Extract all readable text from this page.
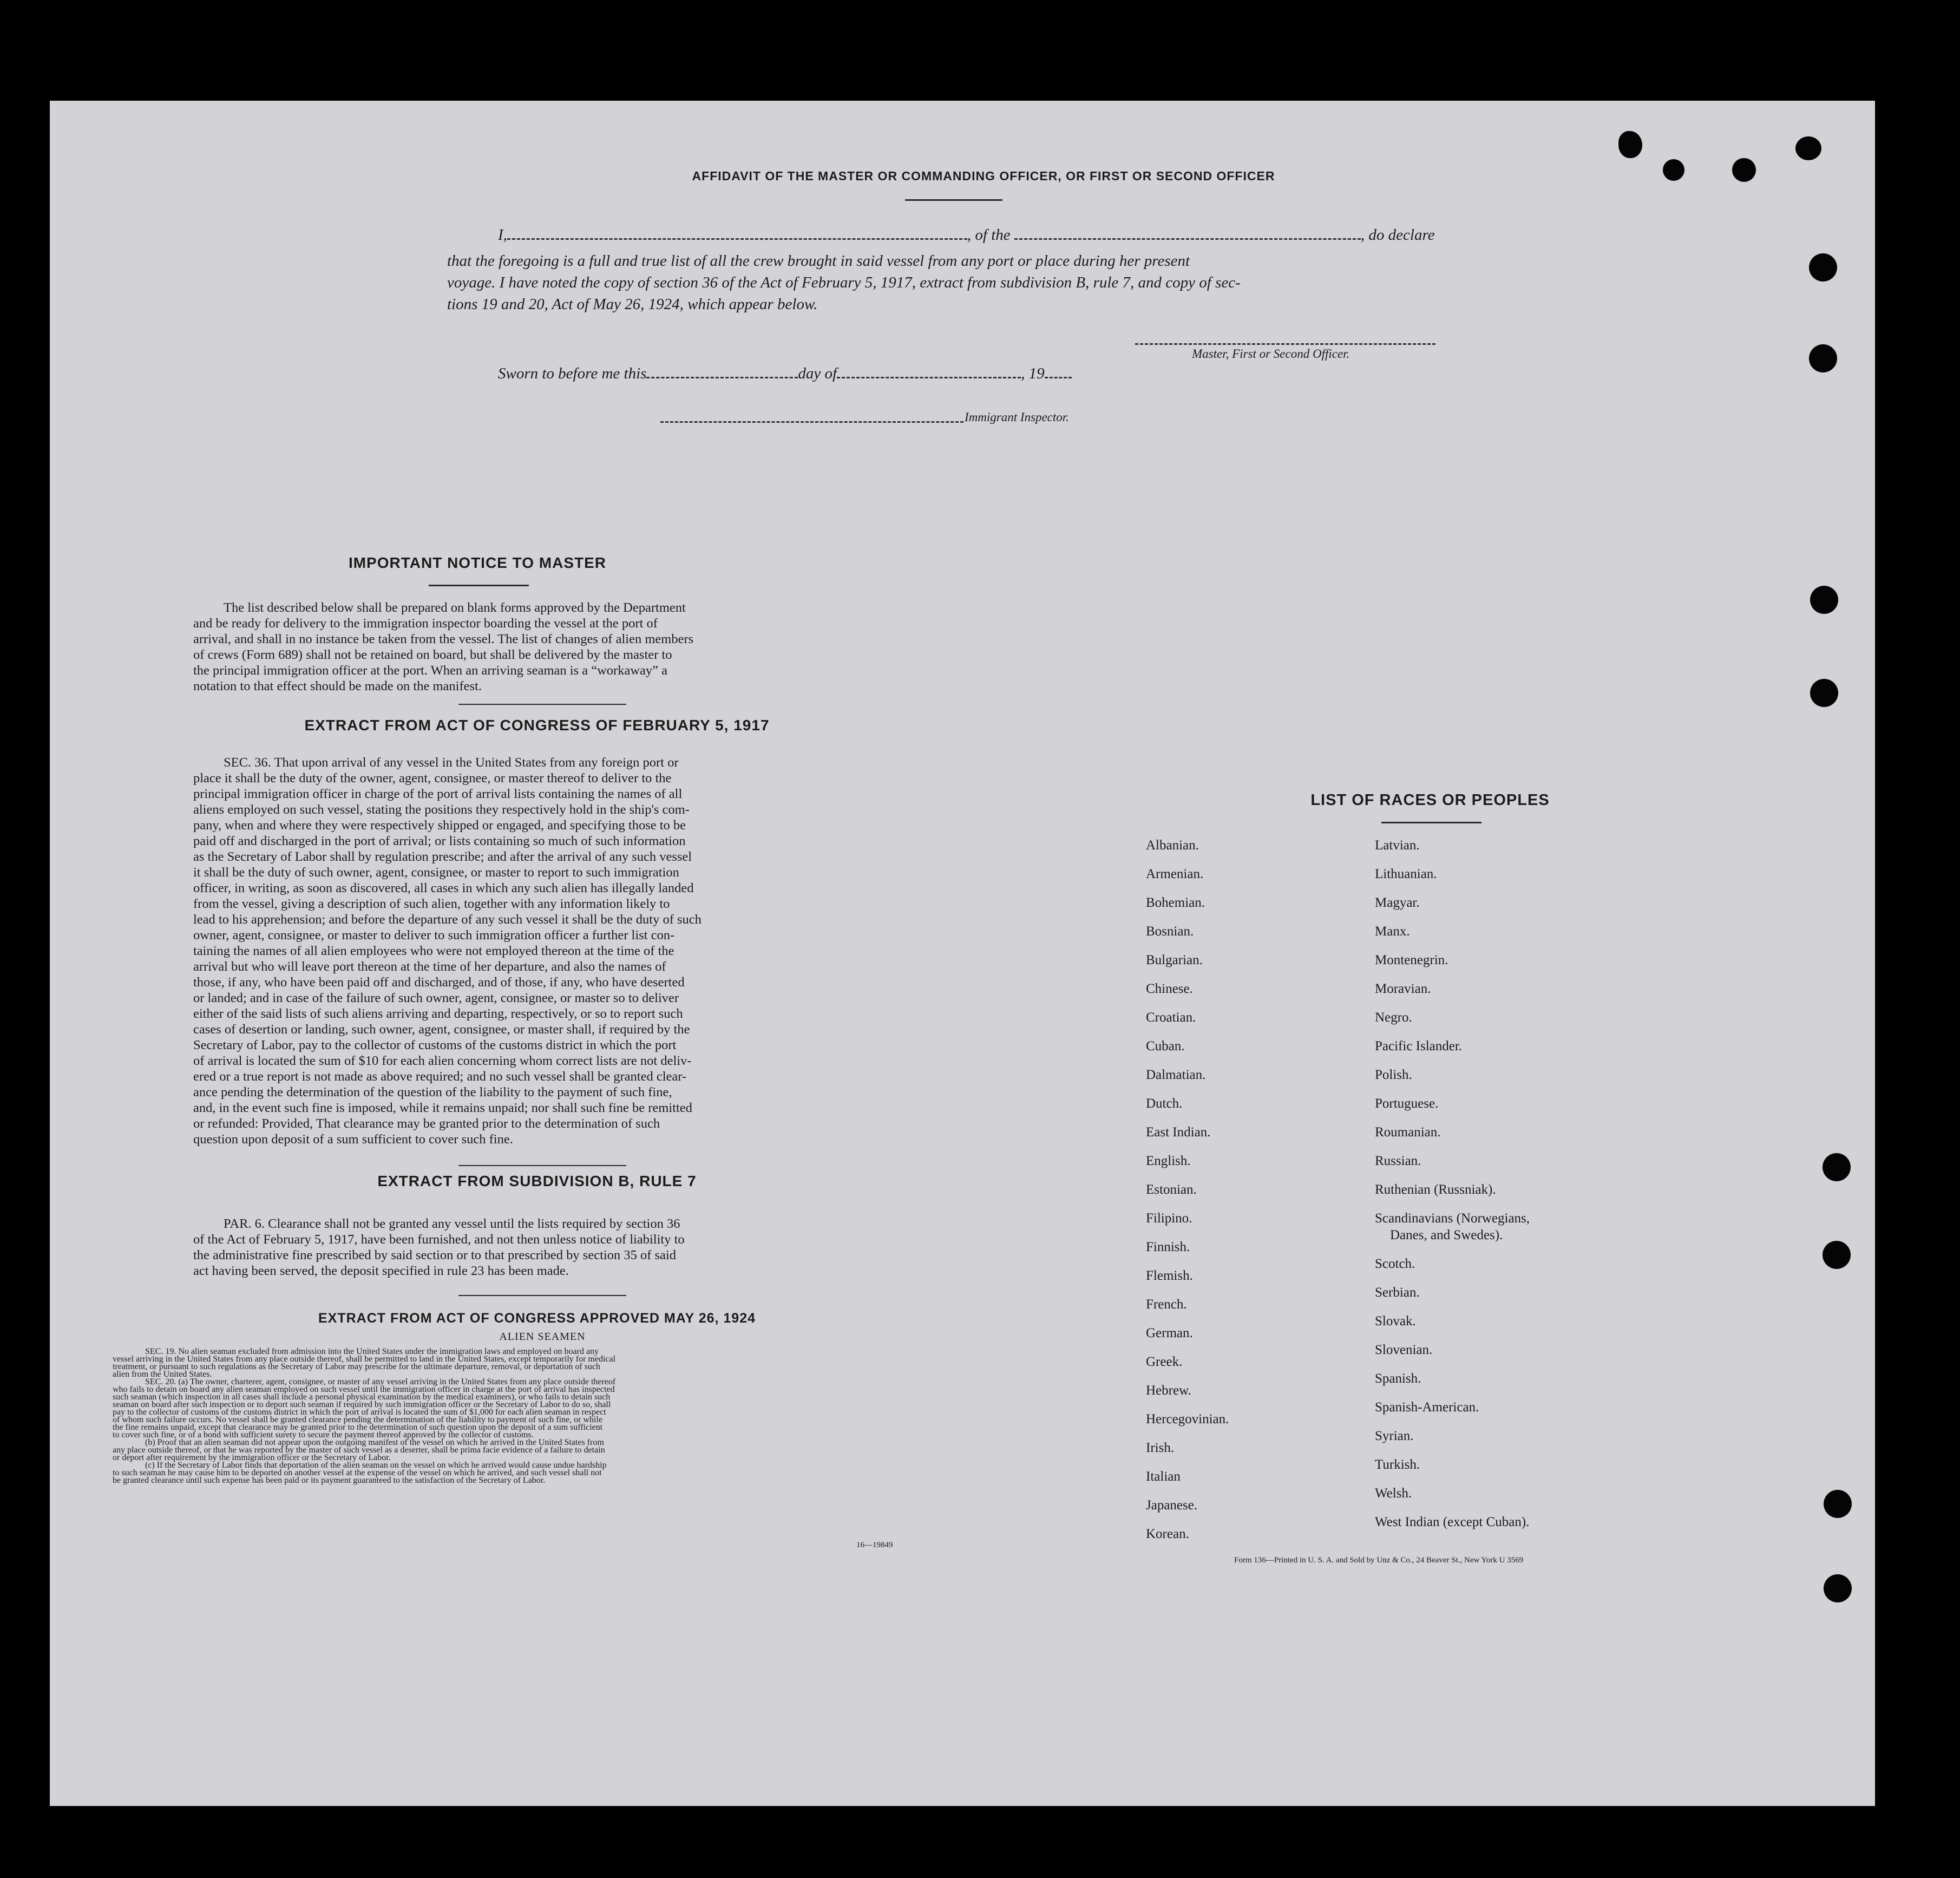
AFFIDAVIT OF THE MASTER OR COMMANDING OFFICER, OR FIRST OR SECOND OFFICER
I,	, of the	, do declare
that the foregoing is a full and true list of all the crew brought in said vessel from any port or place during her present
voyage. I have noted the copy of section 36 of the Act of February 5, 1917, extract from subdivision B, rule 7, and copy of sec-
tions 19 and 20, Act of May 26, 1924, which appear below.
Master, First or Second Officer.
Sworn to before me this	day of	, 19
Immigrant Inspector.
IMPORTANT NOTICE TO MASTER
The list described below shall be prepared on blank forms approved by the Department
and be ready for delivery to the immigration inspector boarding the vessel at the port of
arrival, and shall in no instance be taken from the vessel. The list of changes of alien members
of crews (Form 689) shall not be retained on board, but shall be delivered by the master to
the principal immigration officer at the port. When an arriving seaman is a “workaway” a
notation to that effect should be made on the manifest.
EXTRACT FROM ACT OF CONGRESS OF FEBRUARY 5, 1917
SEC. 36. That upon arrival of any vessel in the United States from any foreign port or
place it shall be the duty of the owner, agent, consignee, or master thereof to deliver to the
principal immigration officer in charge of the port of arrival lists containing the names of all
aliens employed on such vessel, stating the positions they respectively hold in the ship's com-
pany, when and where they were respectively shipped or engaged, and specifying those to be
paid off and discharged in the port of arrival; or lists containing so much of such information
as the Secretary of Labor shall by regulation prescribe; and after the arrival of any such vessel
it shall be the duty of such owner, agent, consignee, or master to report to such immigration
officer, in writing, as soon as discovered, all cases in which any such alien has illegally landed
from the vessel, giving a description of such alien, together with any information likely to
lead to his apprehension; and before the departure of any such vessel it shall be the duty of such
owner, agent, consignee, or master to deliver to such immigration officer a further list con-
taining the names of all alien employees who were not employed thereon at the time of the
arrival but who will leave port thereon at the time of her departure, and also the names of
those, if any, who have been paid off and discharged, and of those, if any, who have deserted
or landed; and in case of the failure of such owner, agent, consignee, or master so to deliver
either of the said lists of such aliens arriving and departing, respectively, or so to report such
cases of desertion or landing, such owner, agent, consignee, or master shall, if required by the
Secretary of Labor, pay to the collector of customs of the customs district in which the port
of arrival is located the sum of $10 for each alien concerning whom correct lists are not deliv-
ered or a true report is not made as above required; and no such vessel shall be granted clear-
ance pending the determination of the question of the liability to the payment of such fine,
and, in the event such fine is imposed, while it remains unpaid; nor shall such fine be remitted
or refunded: Provided, That clearance may be granted prior to the determination of such
question upon deposit of a sum sufficient to cover such fine.
EXTRACT FROM SUBDIVISION B, RULE 7
PAR. 6. Clearance shall not be granted any vessel until the lists required by section 36
of the Act of February 5, 1917, have been furnished, and not then unless notice of liability to
the administrative fine prescribed by said section or to that prescribed by section 35 of said
act having been served, the deposit specified in rule 23 has been made.
EXTRACT FROM ACT OF CONGRESS APPROVED MAY 26, 1924
ALIEN SEAMEN
SEC. 19. No alien seaman excluded from admission into the United States under the immigration laws and employed on board any
vessel arriving in the United States from any place outside thereof, shall be permitted to land in the United States, except temporarily for medical
treatment, or pursuant to such regulations as the Secretary of Labor may prescribe for the ultimate departure, removal, or deportation of such
alien from the United States.
SEC. 20. (a) The owner, charterer, agent, consignee, or master of any vessel arriving in the United States from any place outside thereof
who fails to detain on board any alien seaman employed on such vessel until the immigration officer in charge at the port of arrival has inspected
such seaman (which inspection in all cases shall include a personal physical examination by the medical examiners), or who fails to detain such
seaman on board after such inspection or to deport such seaman if required by such immigration officer or the Secretary of Labor to do so, shall
pay to the collector of customs of the customs district in which the port of arrival is located the sum of $1,000 for each alien seaman in respect
of whom such failure occurs. No vessel shall be granted clearance pending the determination of the liability to payment of such fine, or while
the fine remains unpaid, except that clearance may be granted prior to the determination of such question upon the deposit of a sum sufficient
to cover such fine, or of a bond with sufficient surety to secure the payment thereof approved by the collector of customs.
(b) Proof that an alien seaman did not appear upon the outgoing manifest of the vessel on which he arrived in the United States from
any place outside thereof, or that he was reported by the master of such vessel as a deserter, shall be prima facie evidence of a failure to detain
or deport after requirement by the immigration officer or the Secretary of Labor.
(c) If the Secretary of Labor finds that deportation of the alien seaman on the vessel on which he arrived would cause undue hardship
to such seaman he may cause him to be deported on another vessel at the expense of the vessel on which he arrived, and such vessel shall not
be granted clearance until such expense has been paid or its payment guaranteed to the satisfaction of the Secretary of Labor.
16—19849
LIST OF RACES OR PEOPLES
Albanian.
Armenian.
Bohemian.
Bosnian.
Bulgarian.
Chinese.
Croatian.
Cuban.
Dalmatian.
Dutch.
East Indian.
English.
Estonian.
Filipino.
Finnish.
Flemish.
French.
German.
Greek.
Hebrew.
Hercegovinian.
Irish.
Italian
Japanese.
Korean.
Latvian.
Lithuanian.
Magyar.
Manx.
Montenegrin.
Moravian.
Negro.
Pacific Islander.
Polish.
Portuguese.
Roumanian.
Russian.
Ruthenian (Russniak).
Scandinavians (Norwegians,
Danes, and Swedes).
Scotch.
Serbian.
Slovak.
Slovenian.
Spanish.
Spanish-American.
Syrian.
Turkish.
Welsh.
West Indian (except Cuban).
Form 136—Printed in U. S. A. and Sold by Unz & Co., 24 Beaver St., New York U 3569
